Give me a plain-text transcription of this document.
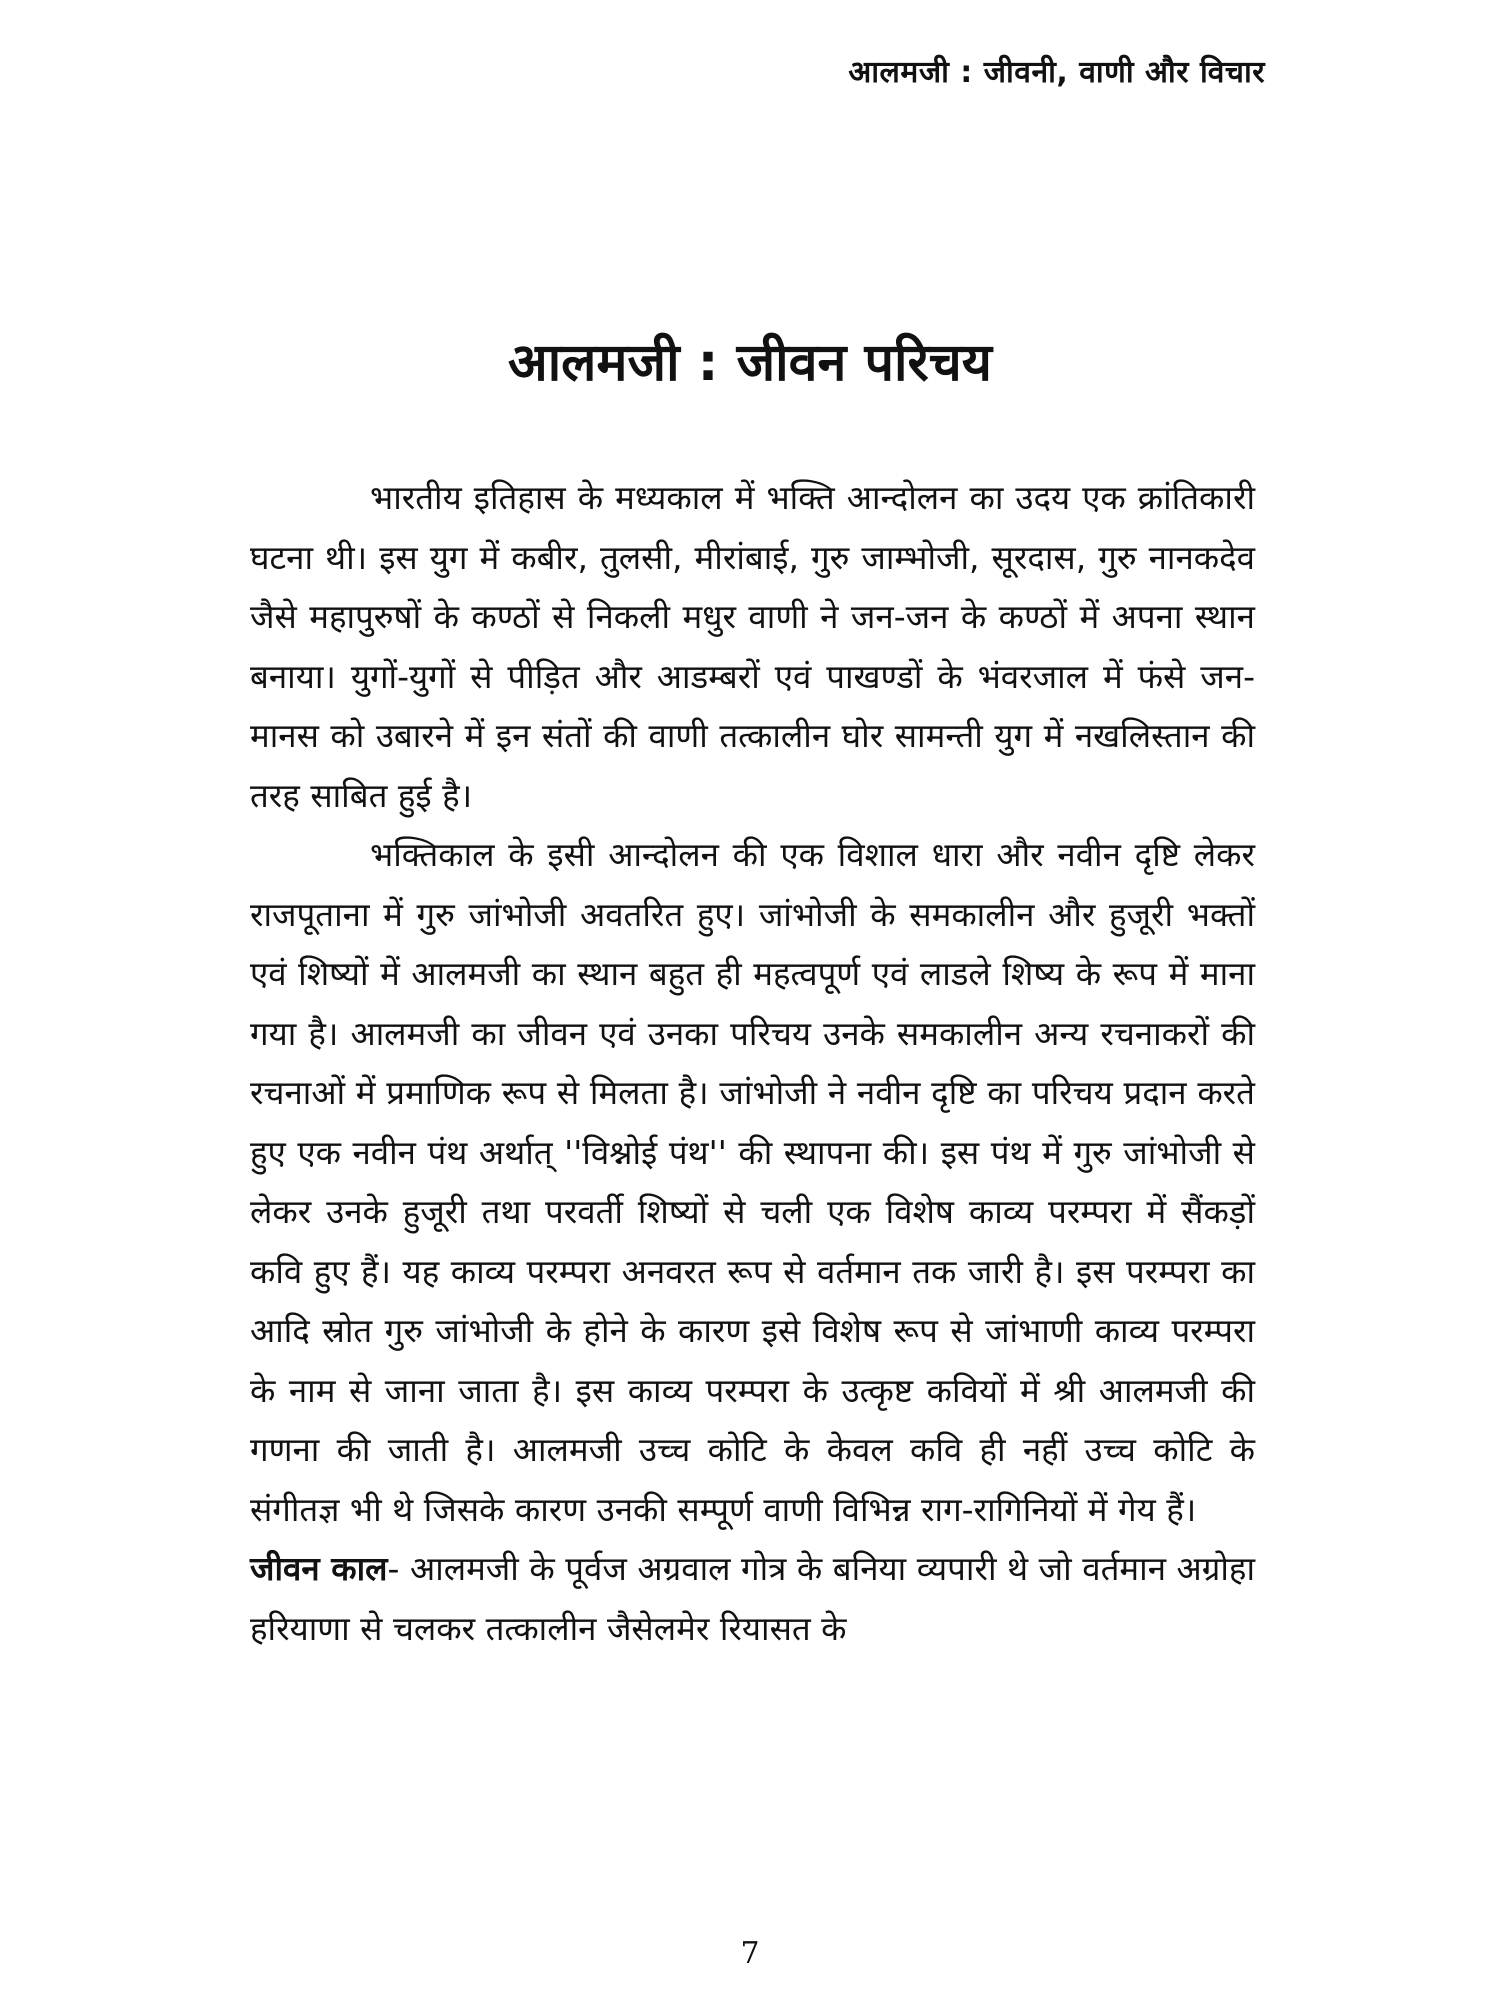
आलमजी : जीवनी, वाणी और विचार
आलमजी : जीवन परिचय

भारतीय इतिहास के मध्यकाल में भक्ति आन्दोलन का उदय एक क्रांतिकारी घटना थी। इस युग में कबीर, तुलसी, मीरांबाई, गुरु जाम्भोजी, सूरदास, गुरु नानकदेव जैसे महापुरुषों के कण्ठों से निकली मधुर वाणी ने जन-जन के कण्ठों में अपना स्थान बनाया। युगों-युगों से पीड़ित और आडम्बरों एवं पाखण्डों के भंवरजाल में फंसे जन-मानस को उबारने में इन संतों की वाणी तत्कालीन घोर सामन्ती युग में नखलिस्तान की तरह साबित हुई है।

भक्तिकाल के इसी आन्दोलन की एक विशाल धारा और नवीन दृष्टि लेकर राजपूताना में गुरु जांभोजी अवतरित हुए। जांभोजी के समकालीन और हुजूरी भक्तों एवं शिष्यों में आलमजी का स्थान बहुत ही महत्वपूर्ण एवं लाडले शिष्य के रूप में माना गया है। आलमजी का जीवन एवं उनका परिचय उनके समकालीन अन्य रचनाकरों की रचनाओं में प्रमाणिक रूप से मिलता है। जांभोजी ने नवीन दृष्टि का परिचय प्रदान करते हुए एक नवीन पंथ अर्थात् ''विश्नोई पंथ'' की स्थापना की। इस पंथ में गुरु जांभोजी से लेकर उनके हुजूरी तथा परवर्ती शिष्यों से चली एक विशेष काव्य परम्परा में सैंकड़ों कवि हुए हैं। यह काव्य परम्परा अनवरत रूप से वर्तमान तक जारी है। इस परम्परा का आदि स्रोत गुरु जांभोजी के होने के कारण इसे विशेष रूप से जांभाणी काव्य परम्परा के नाम से जाना जाता है। इस काव्य परम्परा के उत्कृष्ट कवियों में श्री आलमजी की गणना की जाती है। आलमजी उच्च कोटि के केवल कवि ही नहीं उच्च कोटि के संगीतज्ञ भी थे जिसके कारण उनकी सम्पूर्ण वाणी विभिन्न राग-रागिनियों में गेय हैं।

जीवन काल- आलमजी के पूर्वज अग्रवाल गोत्र के बनिया व्यपारी थे जो वर्तमान अग्रोहा हरियाणा से चलकर तत्कालीन जैसेलमेर रियासत के

7
